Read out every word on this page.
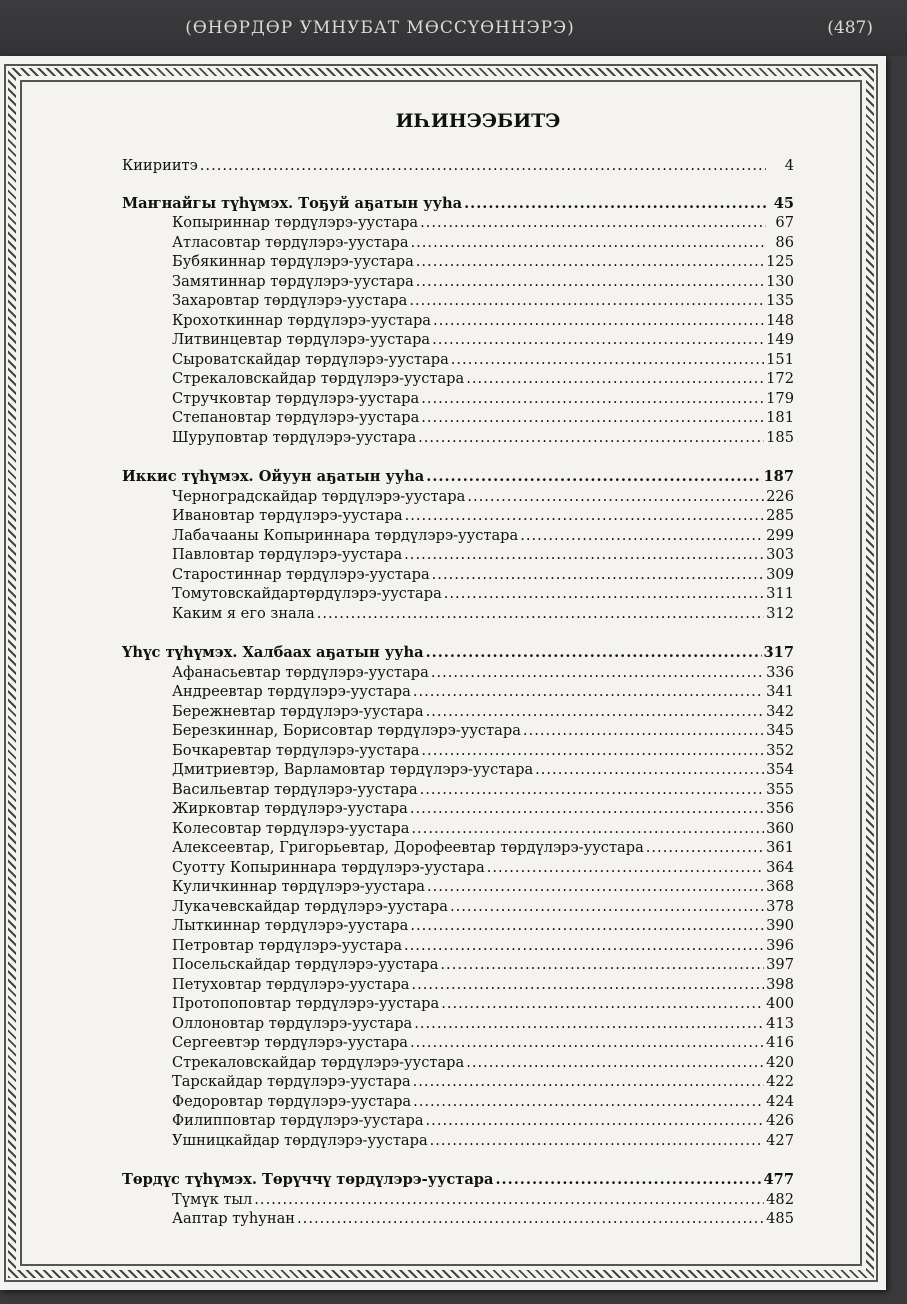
(ӨНӨРДӨР УМНУБАТ МӨССҮӨННЭРЭ)	(487)
ИҺИНЭЭБИТЭ
Киириитэ .....	4
Маҥнайгы түһүмэх. Тоҕуй аҕатын ууһа .....	45
Копыриннар төрдүлэрэ-уустара .....	67
Атласовтар төрдүлэрэ-уустара .....	86
Бубякиннар төрдүлэрэ-уустара .....	125
Замятиннар төрдүлэрэ-уустара .....	130
Захаровтар төрдүлэрэ-уустара .....	135
Крохоткиннар төрдүлэрэ-уустара .....	148
Литвинцевтар төрдүлэрэ-уустара .....	149
Сыроватскайдар төрдүлэрэ-уустара .....	151
Стрекаловскайдар төрдүлэрэ-уустара .....	172
Стручковтар төрдүлэрэ-уустара .....	179
Степановтар төрдүлэрэ-уустара .....	181
Шуруповтар төрдүлэрэ-уустара .....	185
Иккис түһүмэх. Ойуун аҕатын ууһа .....	187
Черноградскайдар төрдүлэрэ-уустара .....	226
Ивановтар төрдүлэрэ-уустара .....	285
Лабачааны Копыриннара төрдүлэрэ-уустара .....	299
Павловтар төрдүлэрэ-уустара .....	303
Старостиннар төрдүлэрэ-уустара .....	309
Томутовскайдартөрдүлэрэ-уустара .....	311
Каким я его знала .....	312
Үһүс түһүмэх. Халбаах аҕатын ууһа .....	317
Афанасьевтар төрдүлэрэ-уустара .....	336
Андреевтар төрдүлэрэ-уустара .....	341
Бережневтар төрдүлэрэ-уустара .....	342
Березкиннар, Борисовтар төрдүлэрэ-уустара .....	345
Бочкаревтар төрдүлэрэ-уустара .....	352
Дмитриевтэр, Варламовтар төрдүлэрэ-уустара .....	354
Васильевтар төрдүлэрэ-уустара .....	355
Жирковтар төрдүлэрэ-уустара .....	356
Колесовтар төрдүлэрэ-уустара .....	360
Алексеевтар, Григорьевтар, Дорофеевтар төрдүлэрэ-уустара .....	361
Суотту Копыриннара төрдүлэрэ-уустара .....	364
Куличкиннар төрдүлэрэ-уустара .....	368
Лукачевскайдар төрдүлэрэ-уустара .....	378
Лыткиннар төрдүлэрэ-уустара .....	390
Петровтар төрдүлэрэ-уустара .....	396
Посельскайдар төрдүлэрэ-уустара .....	397
Петуховтар төрдүлэрэ-уустара .....	398
Протопоповтар төрдүлэрэ-уустара .....	400
Оллоновтар төрдүлэрэ-уустара .....	413
Сергеевтэр төрдүлэрэ-уустара .....	416
Стрекаловскайдар төрдүлэрэ-уустара .....	420
Тарскайдар төрдүлэрэ-уустара .....	422
Федоровтар төрдүлэрэ-уустара .....	424
Филипповтар төрдүлэрэ-уустара .....	426
Ушницкайдар төрдүлэрэ-уустара .....	427
Төрдүс түһүмэх. Төрүччү төрдүлэрэ-уустара .....	477
Түмүк тыл .....	482
Аaптар туһунан .....	485
